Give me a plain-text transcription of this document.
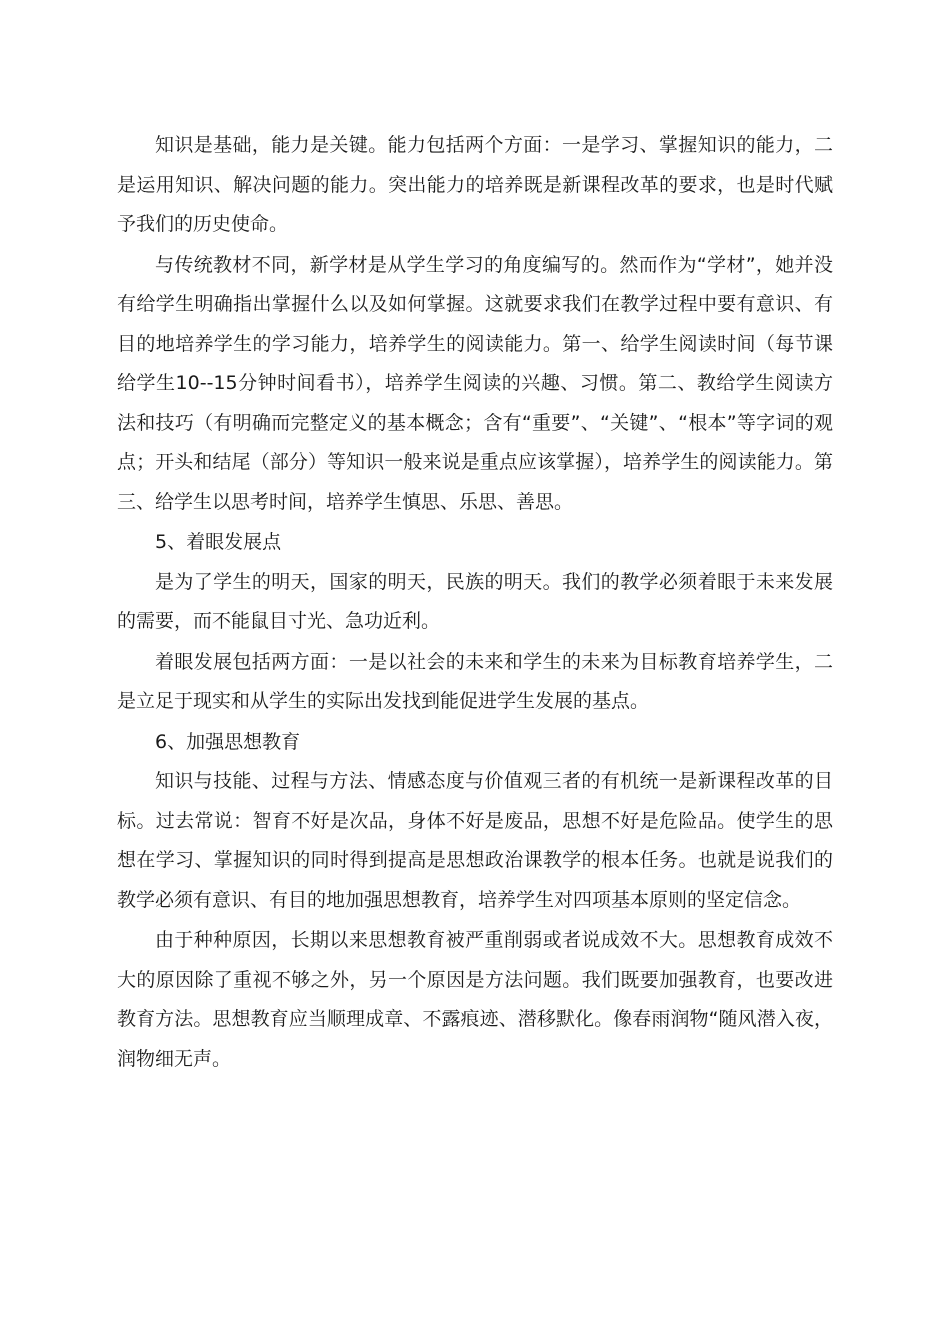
知识是基础，能力是关键。能力包括两个方面：一是学习、掌握知识的能力，二是运用知识、解决问题的能力。突出能力的培养既是新课程改革的要求，也是时代赋予我们的历史使命。

与传统教材不同，新学材是从学生学习的角度编写的。然而作为“学材”，她并没有给学生明确指出掌握什么以及如何掌握。这就要求我们在教学过程中要有意识、有目的地培养学生的学习能力，培养学生的阅读能力。第一、给学生阅读时间（每节课给学生10--15分钟时间看书），培养学生阅读的兴趣、习惯。第二、教给学生阅读方法和技巧（有明确而完整定义的基本概念；含有“重要”、“关键”、“根本”等字词的观点；开头和结尾（部分）等知识一般来说是重点应该掌握），培养学生的阅读能力。第三、给学生以思考时间，培养学生慎思、乐思、善思。

5、着眼发展点

是为了学生的明天，国家的明天，民族的明天。我们的教学必须着眼于未来发展的需要，而不能鼠目寸光、急功近利。

着眼发展包括两方面：一是以社会的未来和学生的未来为目标教育培养学生，二是立足于现实和从学生的实际出发找到能促进学生发展的基点。

6、加强思想教育

知识与技能、过程与方法、情感态度与价值观三者的有机统一是新课程改革的目标。过去常说：智育不好是次品，身体不好是废品，思想不好是危险品。使学生的思想在学习、掌握知识的同时得到提高是思想政治课教学的根本任务。也就是说我们的教学必须有意识、有目的地加强思想教育，培养学生对四项基本原则的坚定信念。

由于种种原因，长期以来思想教育被严重削弱或者说成效不大。思想教育成效不大的原因除了重视不够之外，另一个原因是方法问题。我们既要加强教育，也要改进教育方法。思想教育应当顺理成章、不露痕迹、潜移默化。像春雨润物“随风潜入夜，润物细无声。
